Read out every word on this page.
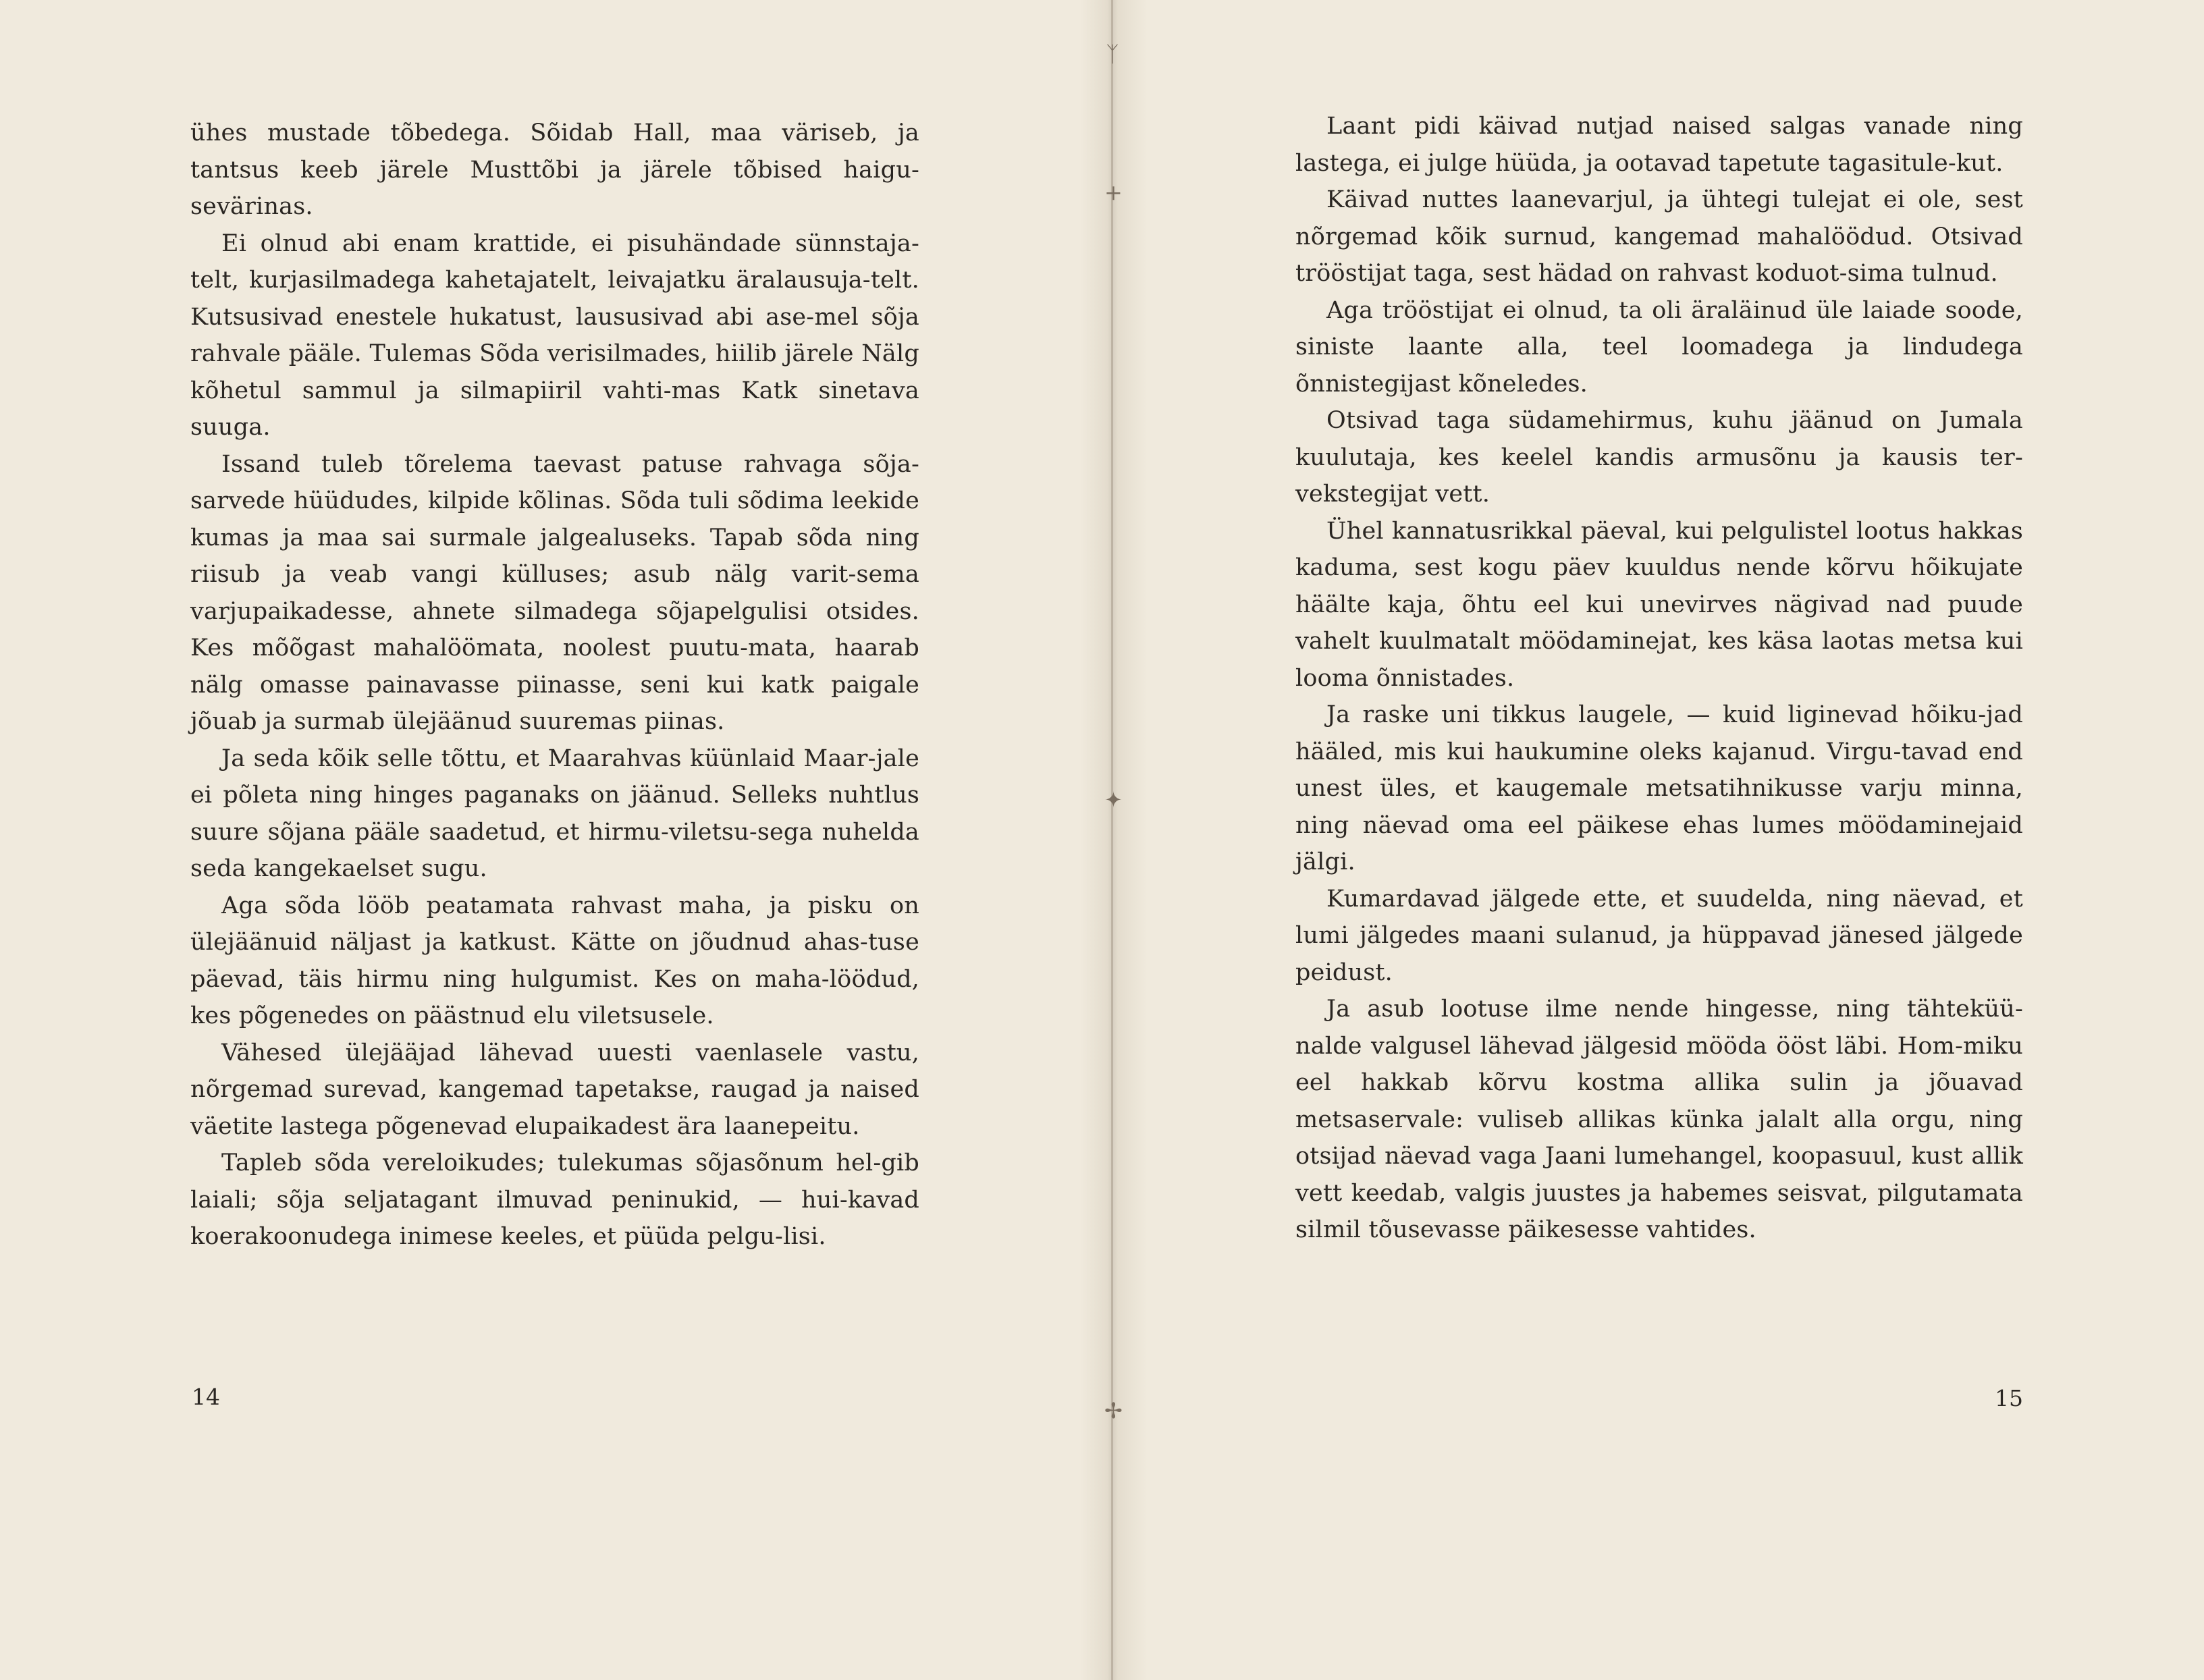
ᛉ
+
✦
✢

ühes mustade tõbedega. Sõidab Hall, maa väriseb, ja tantsus keeb järele Musttõbi ja järele tõbised haigu-sevärinas.

Ei olnud abi enam krattide, ei pisuhändade sünnstaja-telt, kurjasilmadega kahetajatelt, leivajatku äralausuja-telt. Kutsusivad enestele hukatust, laususivad abi ase-mel sõja rahvale pääle. Tulemas Sõda verisilmades, hiilib järele Nälg kõhetul sammul ja silmapiiril vahti-mas Katk sinetava suuga.

Issand tuleb tõrelema taevast patuse rahvaga sõja-sarvede hüüdudes, kilpide kõlinas. Sõda tuli sõdima leekide kumas ja maa sai surmale jalgealuseks. Tapab sõda ning riisub ja veab vangi külluses; asub nälg varit-sema varjupaikadesse, ahnete silmadega sõjapelgulisi otsides. Kes mõõgast mahalöömata, noolest puutu-mata, haarab nälg omasse painavasse piinasse, seni kui katk paigale jõuab ja surmab ülejäänud suuremas piinas.

Ja seda kõik selle tõttu, et Maarahvas küünlaid Maar-jale ei põleta ning hinges paganaks on jäänud. Selleks nuhtlus suure sõjana pääle saadetud, et hirmu-viletsu-sega nuhelda seda kangekaelset sugu.

Aga sõda lööb peatamata rahvast maha, ja pisku on ülejäänuid näljast ja katkust. Kätte on jõudnud ahas-tuse päevad, täis hirmu ning hulgumist. Kes on maha-löödud, kes põgenedes on päästnud elu viletsusele.

Vähesed ülejääjad lähevad uuesti vaenlasele vastu, nõrgemad surevad, kangemad tapetakse, raugad ja naised väetite lastega põgenevad elupaikadest ära laanepeitu.

Tapleb sõda vereloikudes; tulekumas sõjasõnum hel-gib laiali; sõja seljatagant ilmuvad peninukid, — hui-kavad koerakoonudega inimese keeles, et püüda pelgu-lisi.

14

Laant pidi käivad nutjad naised salgas vanade ning lastega, ei julge hüüda, ja ootavad tapetute tagasitule-kut.

Käivad nuttes laanevarjul, ja ühtegi tulejat ei ole, sest nõrgemad kõik surnud, kangemad mahalöödud. Otsivad trööstijat taga, sest hädad on rahvast koduot-sima tulnud.

Aga trööstijat ei olnud, ta oli äraläinud üle laiade soode, siniste laante alla, teel loomadega ja lindudega õnnistegijast kõneledes.

Otsivad taga südamehirmus, kuhu jäänud on Jumala kuulutaja, kes keelel kandis armusõnu ja kausis ter-vekstegijat vett.

Ühel kannatusrikkal päeval, kui pelgulistel lootus hakkas kaduma, sest kogu päev kuuldus nende kõrvu hõikujate häälte kaja, õhtu eel kui unevirves nägivad nad puude vahelt kuulmatalt möödaminejat, kes käsa laotas metsa kui looma õnnistades.

Ja raske uni tikkus laugele, — kuid liginevad hõiku-jad hääled, mis kui haukumine oleks kajanud. Virgu-tavad end unest üles, et kaugemale metsatihnikusse varju minna, ning näevad oma eel päikese ehas lumes möödaminejaid jälgi.

Kumardavad jälgede ette, et suudelda, ning näevad, et lumi jälgedes maani sulanud, ja hüppavad jänesed jälgede peidust.

Ja asub lootuse ilme nende hingesse, ning tähteküü-nalde valgusel lähevad jälgesid mööda ööst läbi. Hom-miku eel hakkab kõrvu kostma allika sulin ja jõuavad metsaservale: vuliseb allikas künka jalalt alla orgu, ning otsijad näevad vaga Jaani lumehangel, koopasuul, kust allik vett keedab, valgis juustes ja habemes seisvat, pilgutamata silmil tõusevasse päikesesse vahtides.

15
